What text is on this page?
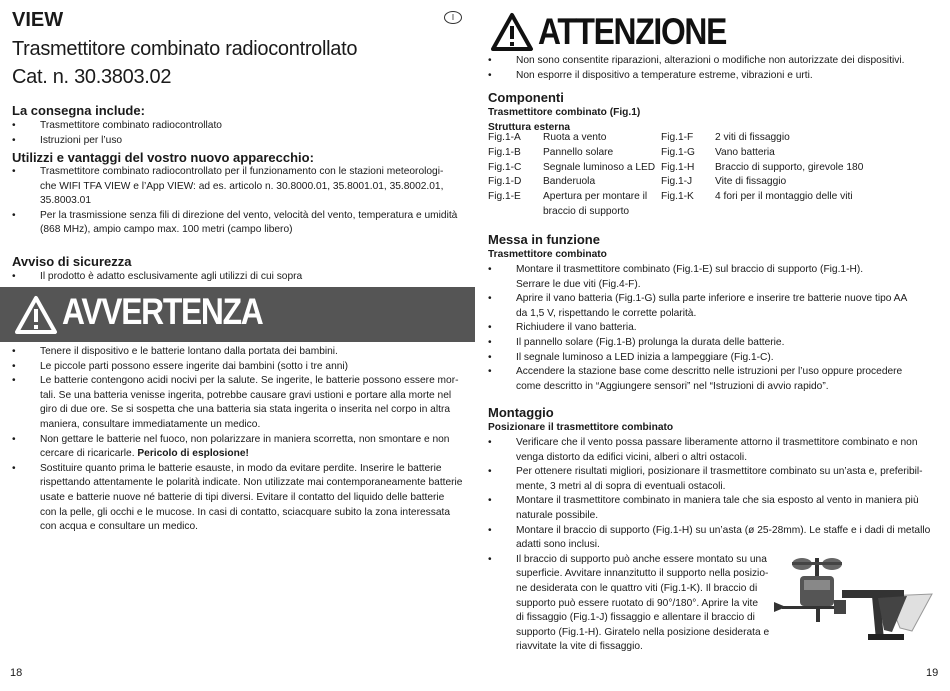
VIEW	I
Trasmettitore combinato radiocontrollato
Cat. n. 30.3803.02
La consegna include:
• Trasmettitore combinato radiocontrollato
• Istruzioni per l’uso
Utilizzi e vantaggi del vostro nuovo apparecchio:
• Trasmettitore combinato radiocontrollato per il funzionamento con le stazioni meteorologi-
che WIFI TFA VIEW e l’App VIEW: ad es. articolo n. 30.8000.01, 35.8001.01, 35.8002.01,
35.8003.01
• Per la trasmissione senza fili di direzione del vento, velocità del vento, temperatura e umidità
(868 MHz), ampio campo max. 100 metri (campo libero)
Avviso di sicurezza
• Il prodotto è adatto esclusivamente agli utilizzi di cui sopra
AVVERTENZA
• Tenere il dispositivo e le batterie lontano dalla portata dei bambini.
• Le piccole parti possono essere ingerite dai bambini (sotto i tre anni)
• Le batterie contengono acidi nocivi per la salute. Se ingerite, le batterie possono essere mor-
tali. Se una batteria venisse ingerita, potrebbe causare gravi ustioni e portare alla morte nel
giro di due ore. Se si sospetta che una batteria sia stata ingerita o inserita nel corpo in altra
maniera, consultare immediatamente un medico.
• Non gettare le batterie nel fuoco, non polarizzare in maniera scorretta, non smontare e non
cercare di ricaricarle. Pericolo di esplosione!
• Sostituire quanto prima le batterie esauste, in modo da evitare perdite. Inserire le batterie
rispettando attentamente le polarità indicate. Non utilizzate mai contemporaneamente batterie
usate e batterie nuove né batterie di tipi diversi. Evitare il contatto del liquido delle batterie
con la pelle, gli occhi e le mucose. In casi di contatto, sciacquare subito la zona interessata
con acqua e consultare un medico.
18
ATTENZIONE
• Non sono consentite riparazioni, alterazioni o modifiche non autorizzate dei dispositivi.
• Non esporre il dispositivo a temperature estreme, vibrazioni e urti.
Componenti
Trasmettitore combinato (Fig.1)
Struttura esterna
Fig.1-A	Ruota a vento
Fig.1-B	Pannello solare
Fig.1-C	Segnale luminoso a LED
Fig.1-D	Banderuola
Fig.1-E	Apertura per montare il
braccio di supporto
Fig.1-F	2 viti di fissaggio
Fig.1-G	Vano batteria
Fig.1-H	Braccio di supporto, girevole 180
Fig.1-J	Vite di fissaggio
Fig.1-K	4 fori per il montaggio delle viti
Messa in funzione
Trasmettitore combinato
• Montare il trasmettitore combinato (Fig.1-E) sul braccio di supporto (Fig.1-H).
Serrare le due viti (Fig.4-F).
• Aprire il vano batteria (Fig.1-G) sulla parte inferiore e inserire tre batterie nuove tipo AA
da 1,5 V, rispettando le corrette polarità.
• Richiudere il vano batteria.
• Il pannello solare (Fig.1-B) prolunga la durata delle batterie.
• Il segnale luminoso a LED inizia a lampeggiare (Fig.1-C).
• Accendere la stazione base come descritto nelle istruzioni per l’uso oppure procedere
come descritto in “Aggiungere sensori” nel “Istruzioni di avvio rapido”.
Montaggio
Posizionare il trasmettitore combinato
• Verificare che il vento possa passare liberamente attorno il trasmettitore combinato e non
venga distorto da edifici vicini, alberi o altri ostacoli.
• Per ottenere risultati migliori, posizionare il trasmettitore combinato su un’asta e, preferibil-
mente, 3 metri al di sopra di eventuali ostacoli.
• Montare il trasmettitore combinato in maniera tale che sia esposto al vento in maniera più
naturale possibile.
• Montare il braccio di supporto (Fig.1-H) su un’asta (ø 25-28mm). Le staffe e i dadi di metallo
adatti sono inclusi.
• Il braccio di supporto può anche essere montato su una
superficie. Avvitare innanzitutto il supporto nella posizio-
ne desiderata con le quattro viti (Fig.1-K). Il braccio di
supporto può essere ruotato di 90°/180°. Aprire la vite
di fissaggio (Fig.1-J) fissaggio e allentare il braccio di
supporto (Fig.1-H). Giratelo nella posizione desiderata e
riavvitate la vite di fissaggio.
19
